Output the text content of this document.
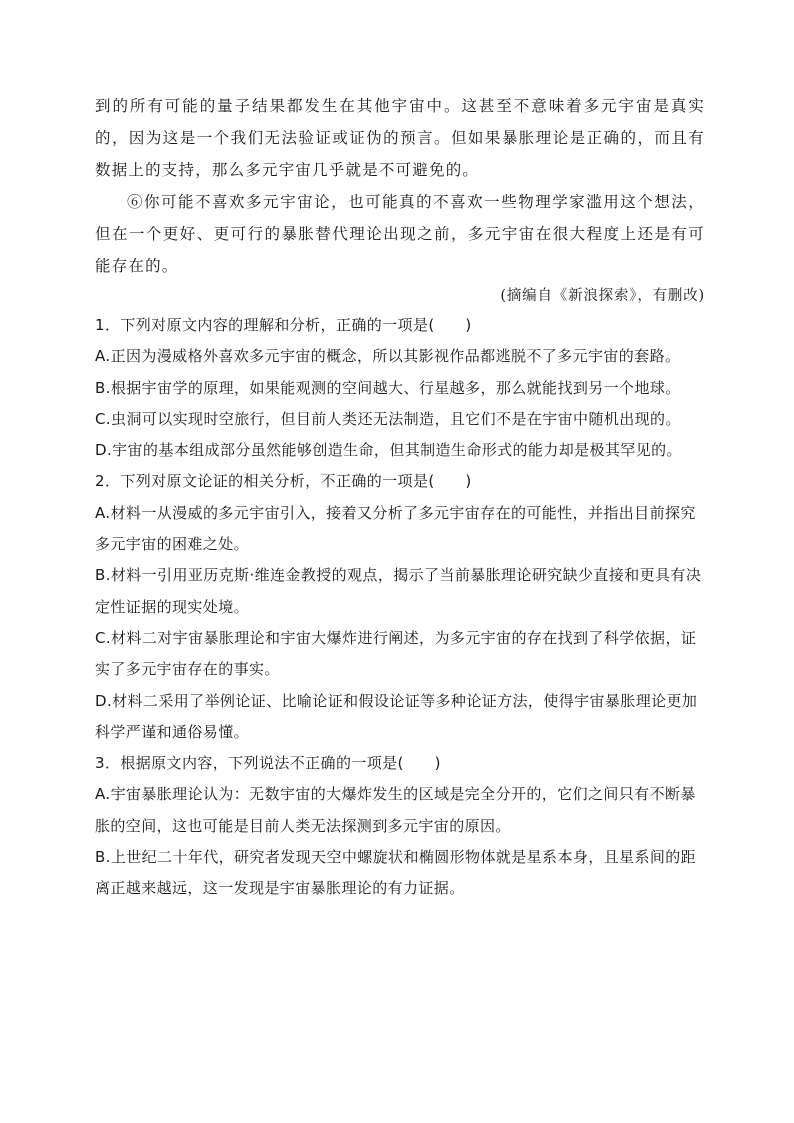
到的所有可能的量子结果都发生在其他宇宙中。这甚至不意味着多元宇宙是真实的，因为这是一个我们无法验证或证伪的预言。但如果暴胀理论是正确的，而且有数据上的支持，那么多元宇宙几乎就是不可避免的。

⑥你可能不喜欢多元宇宙论，也可能真的不喜欢一些物理学家滥用这个想法，但在一个更好、更可行的暴胀替代理论出现之前，多元宇宙在很大程度上还是有可能存在的。

(摘编自《新浪探索》，有删改)

1．下列对原文内容的理解和分析，正确的一项是(　　)

A.正因为漫威格外喜欢多元宇宙的概念，所以其影视作品都逃脱不了多元宇宙的套路。

B.根据宇宙学的原理，如果能观测的空间越大、行星越多，那么就能找到另一个地球。

C.虫洞可以实现时空旅行，但目前人类还无法制造，且它们不是在宇宙中随机出现的。

D.宇宙的基本组成部分虽然能够创造生命，但其制造生命形式的能力却是极其罕见的。

2．下列对原文论证的相关分析，不正确的一项是(　　)

A.材料一从漫威的多元宇宙引入，接着又分析了多元宇宙存在的可能性，并指出目前探究多元宇宙的困难之处。

B.材料一引用亚历克斯·维连金教授的观点，揭示了当前暴胀理论研究缺少直接和更具有决定性证据的现实处境。

C.材料二对宇宙暴胀理论和宇宙大爆炸进行阐述，为多元宇宙的存在找到了科学依据，证实了多元宇宙存在的事实。

D.材料二采用了举例论证、比喻论证和假设论证等多种论证方法，使得宇宙暴胀理论更加科学严谨和通俗易懂。

3．根据原文内容，下列说法不正确的一项是(　　)

A.宇宙暴胀理论认为：无数宇宙的大爆炸发生的区域是完全分开的，它们之间只有不断暴胀的空间，这也可能是目前人类无法探测到多元宇宙的原因。

B.上世纪二十年代，研究者发现天空中螺旋状和椭圆形物体就是星系本身，且星系间的距离正越来越远，这一发现是宇宙暴胀理论的有力证据。
